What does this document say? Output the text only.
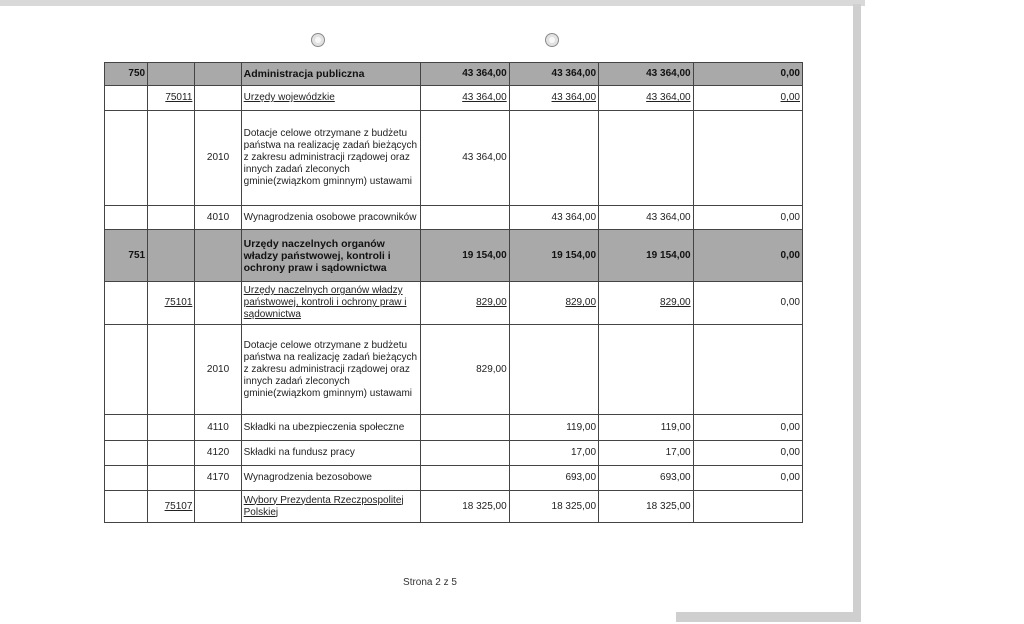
750			Administracja publiczna	43 364,00	43 364,00	43 364,00	0,00
	75011		Urzędy wojewódzkie	43 364,00	43 364,00	43 364,00	0,00
		2010	Dotacje celowe otrzymane z budżetu państwa na realizację zadań bieżących z zakresu administracji rządowej oraz innych zadań zleconych gminie(związkom gminnym) ustawami	43 364,00			
		4010	Wynagrodzenia osobowe pracowników		43 364,00	43 364,00	0,00
751			Urzędy naczelnych organów władzy państwowej, kontroli i ochrony praw i sądownictwa	19 154,00	19 154,00	19 154,00	0,00
	75101		Urzędy naczelnych organów władzy państwowej, kontroli i ochrony praw i sądownictwa	829,00	829,00	829,00	0,00
		2010	Dotacje celowe otrzymane z budżetu państwa na realizację zadań bieżących z zakresu administracji rządowej oraz innych zadań zleconych gminie(związkom gminnym) ustawami	829,00			
		4110	Składki na ubezpieczenia społeczne		119,00	119,00	0,00
		4120	Składki na fundusz pracy		17,00	17,00	0,00
		4170	Wynagrodzenia bezosobowe		693,00	693,00	0,00
	75107		Wybory Prezydenta Rzeczpospolitej Polskiej	18 325,00	18 325,00	18 325,00	
Strona 2 z 5
